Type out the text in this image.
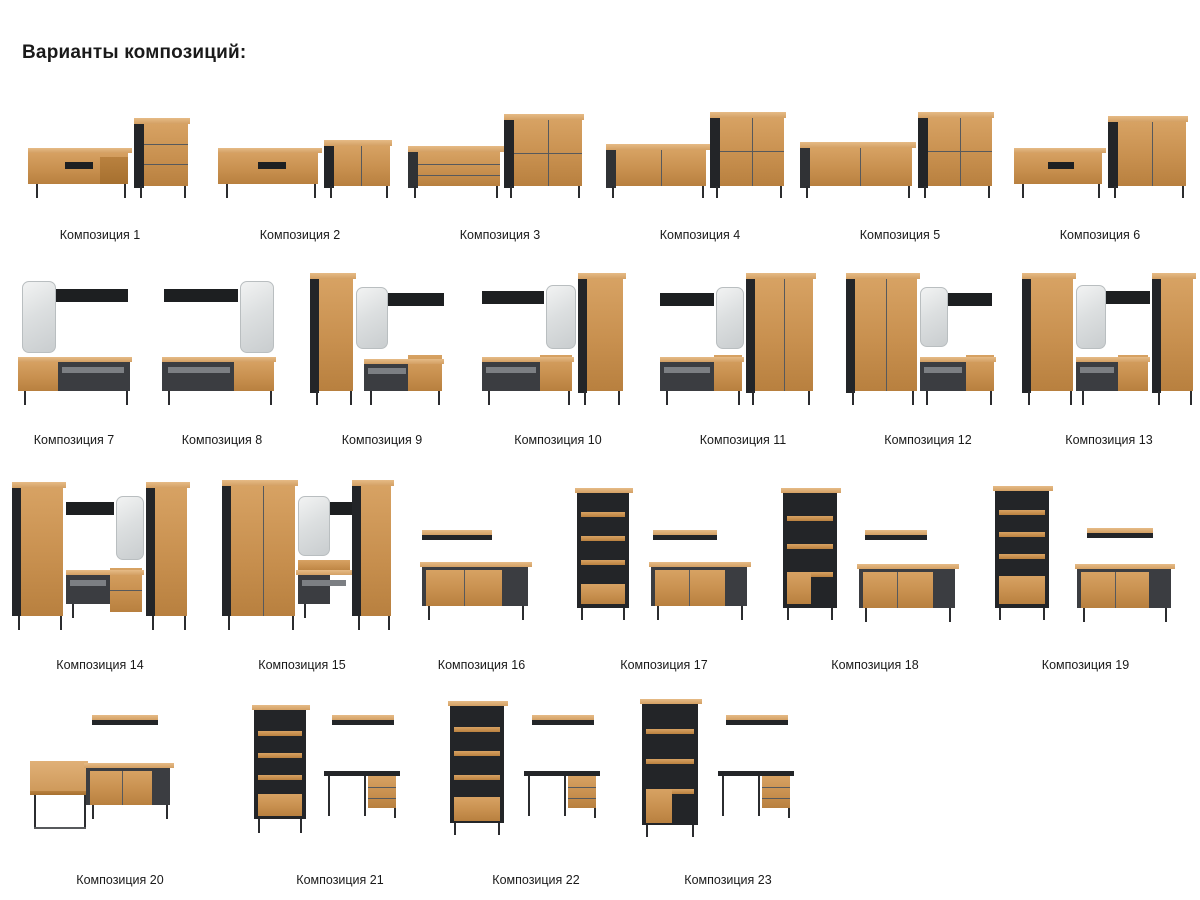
Варианты композиций:
Композиция 1	Композиция 2	Композиция 3	Композиция 4	Композиция 5	Композиция 6
Композиция 7	Композиция 8	Композиция 9	Композиция 10	Композиция 11	Композиция 12	Композиция 13
Композиция 14	Композиция 15	Композиция 16	Композиция 17	Композиция 18	Композиция 19
Композиция 20	Композиция 21	Композиция 22	Композиция 23
